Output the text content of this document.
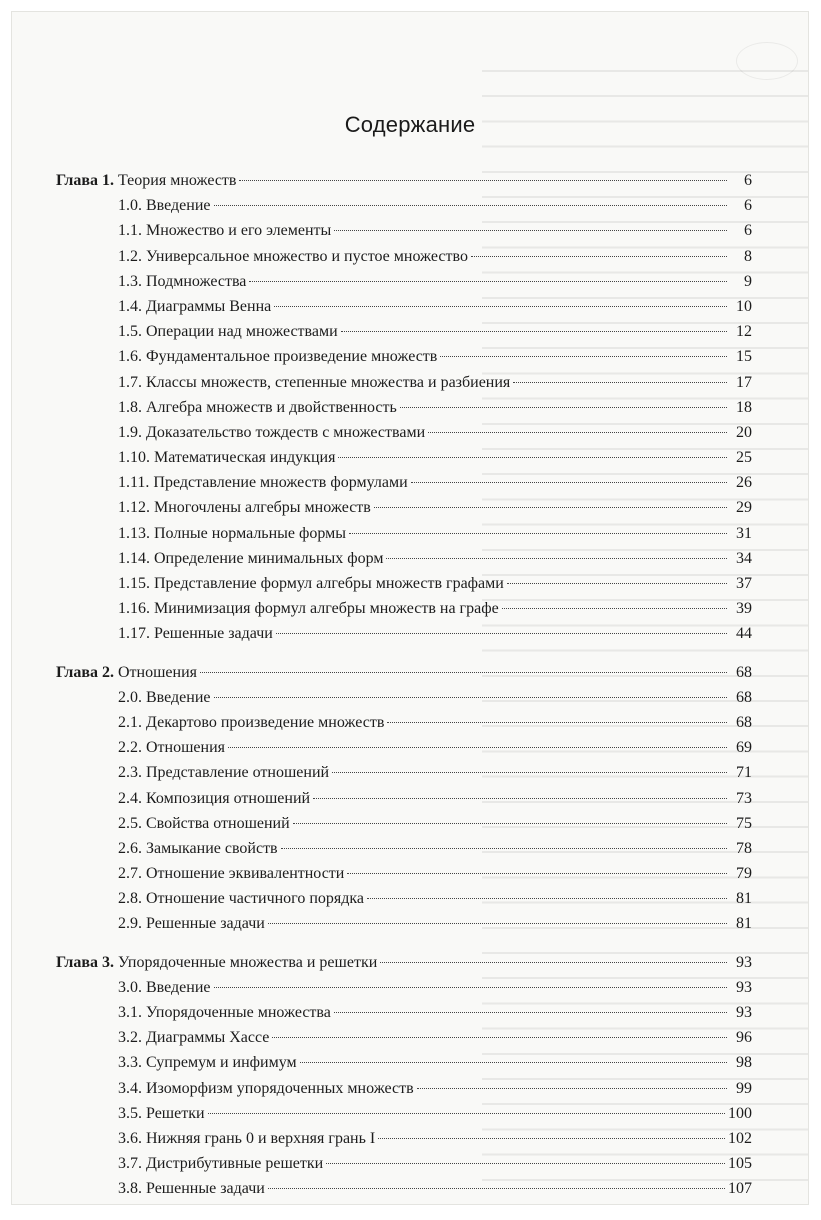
Содержание
Глава 1. Теория множеств	6
1.0. Введение	6
1.1. Множество и его элементы	6
1.2. Универсальное множество и пустое множество	8
1.3. Подмножества	9
1.4. Диаграммы Венна	10
1.5. Операции над множествами	12
1.6. Фундаментальное произведение множеств	15
1.7. Классы множеств, степенные множества и разбиения	17
1.8. Алгебра множеств и двойственность	18
1.9. Доказательство тождеств с множествами	20
1.10. Математическая индукция	25
1.11. Представление множеств формулами	26
1.12. Многочлены алгебры множеств	29
1.13. Полные нормальные формы	31
1.14. Определение минимальных форм	34
1.15. Представление формул алгебры множеств графами	37
1.16. Минимизация формул алгебры множеств на графе	39
1.17. Решенные задачи	44
Глава 2. Отношения	68
2.0. Введение	68
2.1. Декартово произведение множеств	68
2.2. Отношения	69
2.3. Представление отношений	71
2.4. Композиция отношений	73
2.5. Свойства отношений	75
2.6. Замыкание свойств	78
2.7. Отношение эквивалентности	79
2.8. Отношение частичного порядка	81
2.9. Решенные задачи	81
Глава 3. Упорядоченные множества и решетки	93
3.0. Введение	93
3.1. Упорядоченные множества	93
3.2. Диаграммы Хассе	96
3.3. Супремум и инфимум	98
3.4. Изоморфизм упорядоченных множеств	99
3.5. Решетки	100
3.6. Нижняя грань 0 и верхняя грань I	102
3.7. Дистрибутивные решетки	105
3.8. Решенные задачи	107
